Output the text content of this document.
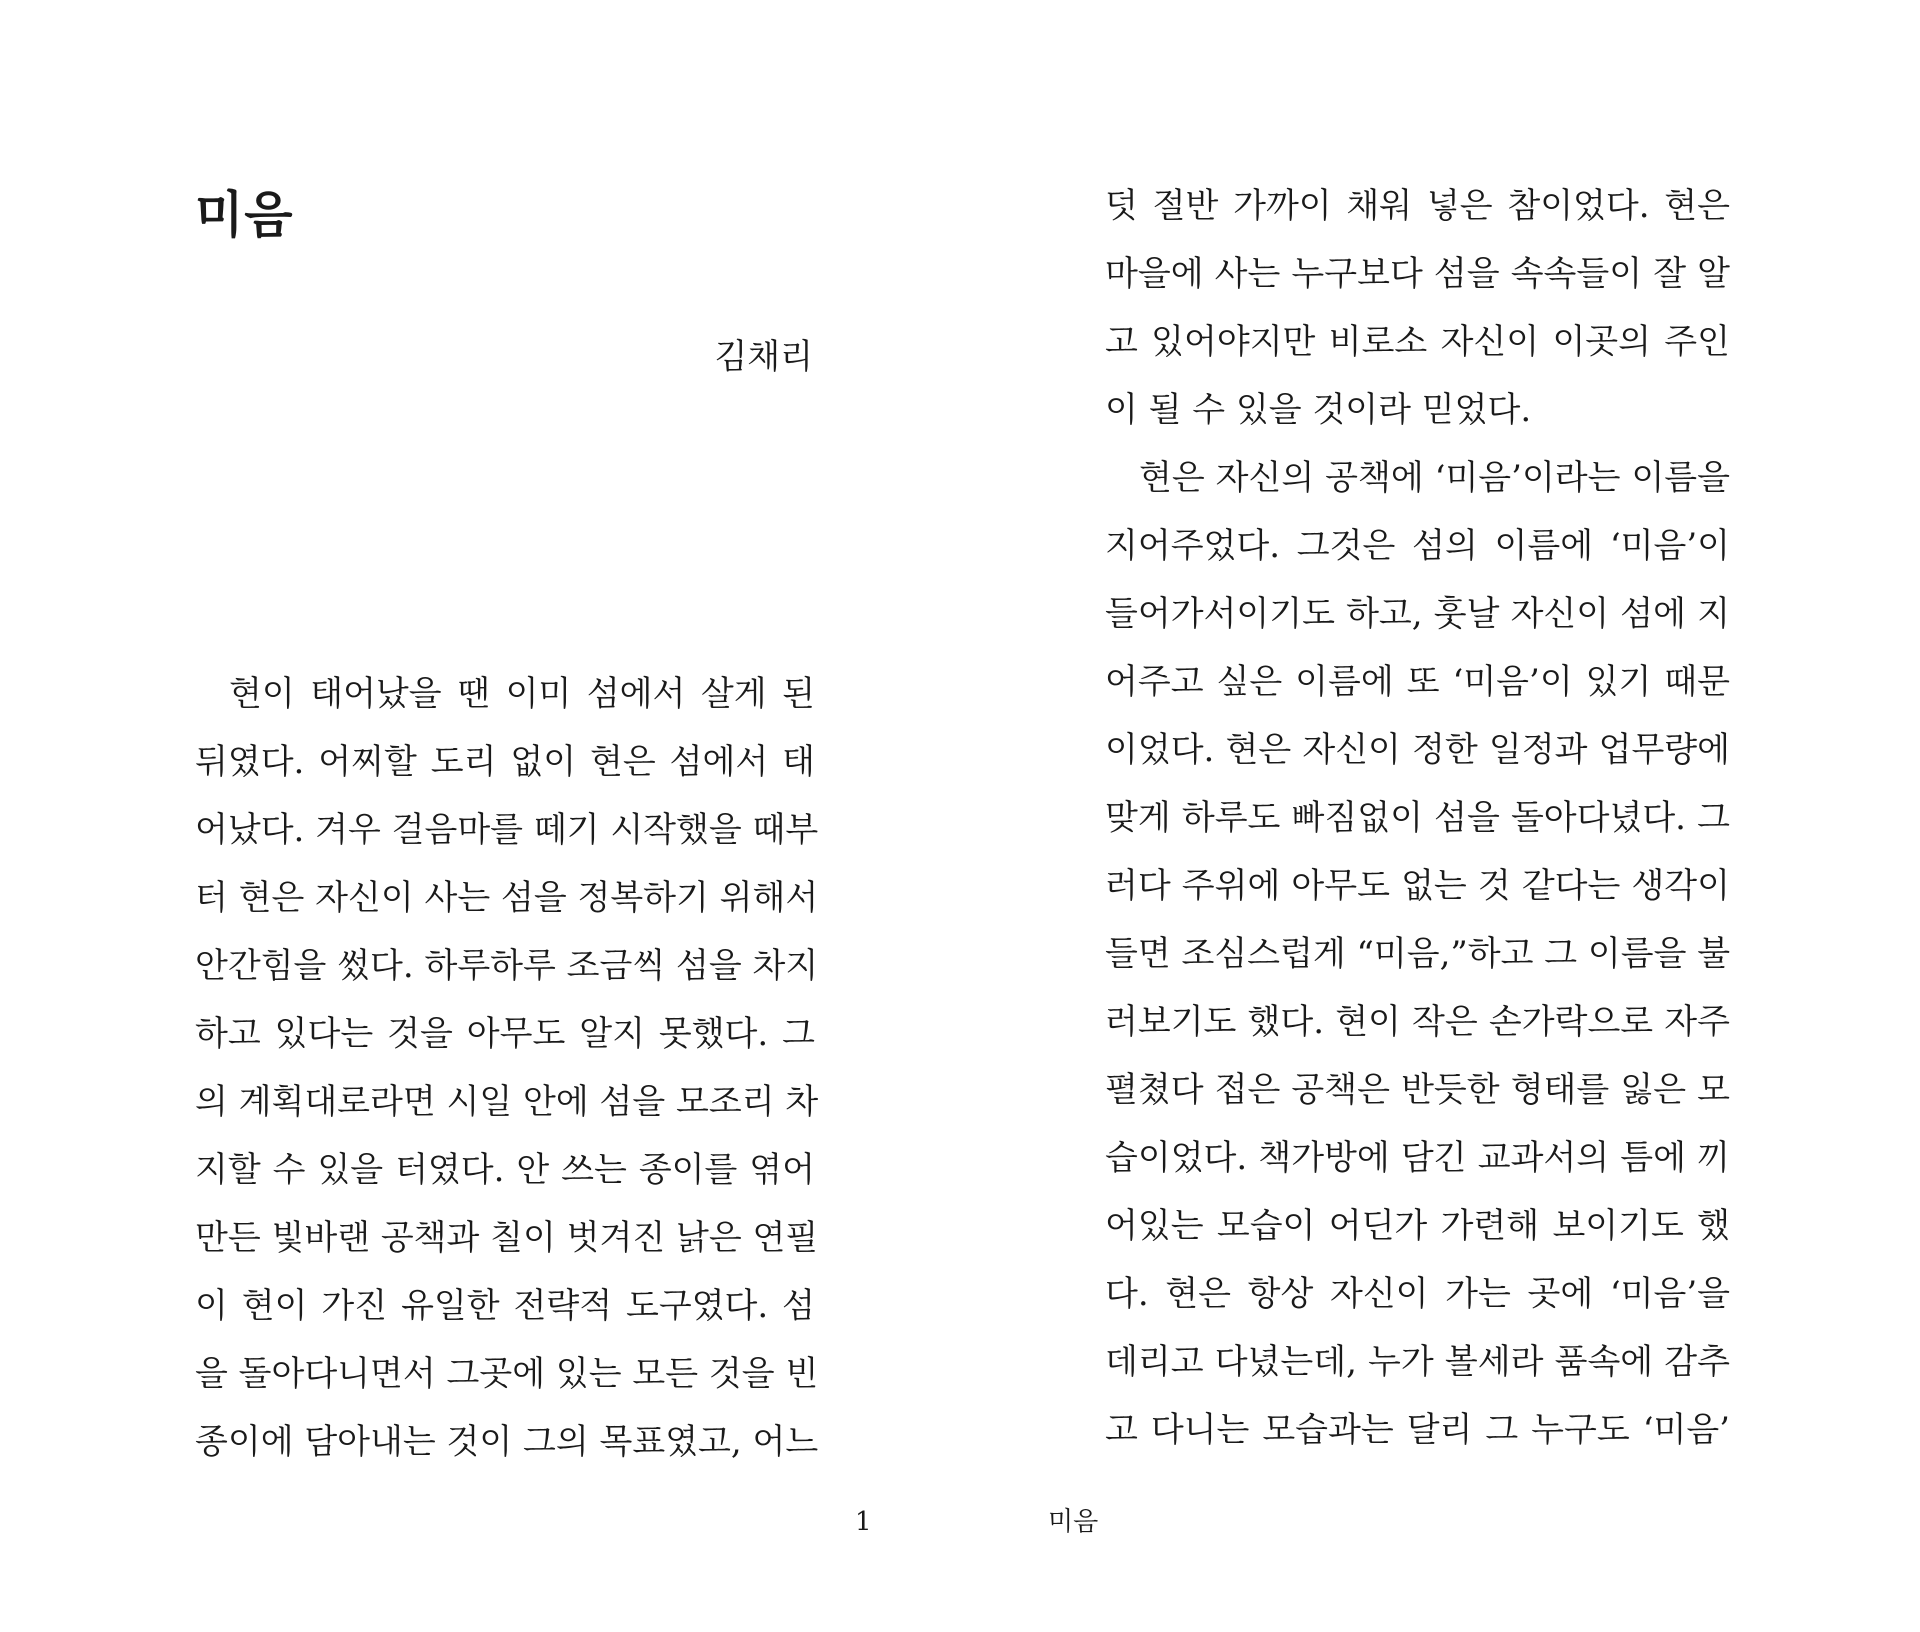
미음
김채리
현이 태어났을 땐 이미 섬에서 살게 된
뒤였다. 어찌할 도리 없이 현은 섬에서 태
어났다. 겨우 걸음마를 떼기 시작했을 때부
터 현은 자신이 사는 섬을 정복하기 위해서
안간힘을 썼다. 하루하루 조금씩 섬을 차지
하고 있다는 것을 아무도 알지 못했다. 그
의 계획대로라면 시일 안에 섬을 모조리 차
지할 수 있을 터였다. 안 쓰는 종이를 엮어
만든 빛바랜 공책과 칠이 벗겨진 낡은 연필
이 현이 가진 유일한 전략적 도구였다. 섬
을 돌아다니면서 그곳에 있는 모든 것을 빈
종이에 담아내는 것이 그의 목표였고, 어느
1
덧 절반 가까이 채워 넣은 참이었다. 현은
마을에 사는 누구보다 섬을 속속들이 잘 알
고 있어야지만 비로소 자신이 이곳의 주인
이 될 수 있을 것이라 믿었다.
현은 자신의 공책에 ‘미음’이라는 이름을
지어주었다. 그것은 섬의 이름에 ‘미음’이
들어가서이기도 하고, 훗날 자신이 섬에 지
어주고 싶은 이름에 또 ‘미음’이 있기 때문
이었다. 현은 자신이 정한 일정과 업무량에
맞게 하루도 빠짐없이 섬을 돌아다녔다. 그
러다 주위에 아무도 없는 것 같다는 생각이
들면 조심스럽게 “미음,”하고 그 이름을 불
러보기도 했다. 현이 작은 손가락으로 자주
펼쳤다 접은 공책은 반듯한 형태를 잃은 모
습이었다. 책가방에 담긴 교과서의 틈에 끼
어있는 모습이 어딘가 가련해 보이기도 했
다. 현은 항상 자신이 가는 곳에 ‘미음’을
데리고 다녔는데, 누가 볼세라 품속에 감추
고 다니는 모습과는 달리 그 누구도 ‘미음’
미음
